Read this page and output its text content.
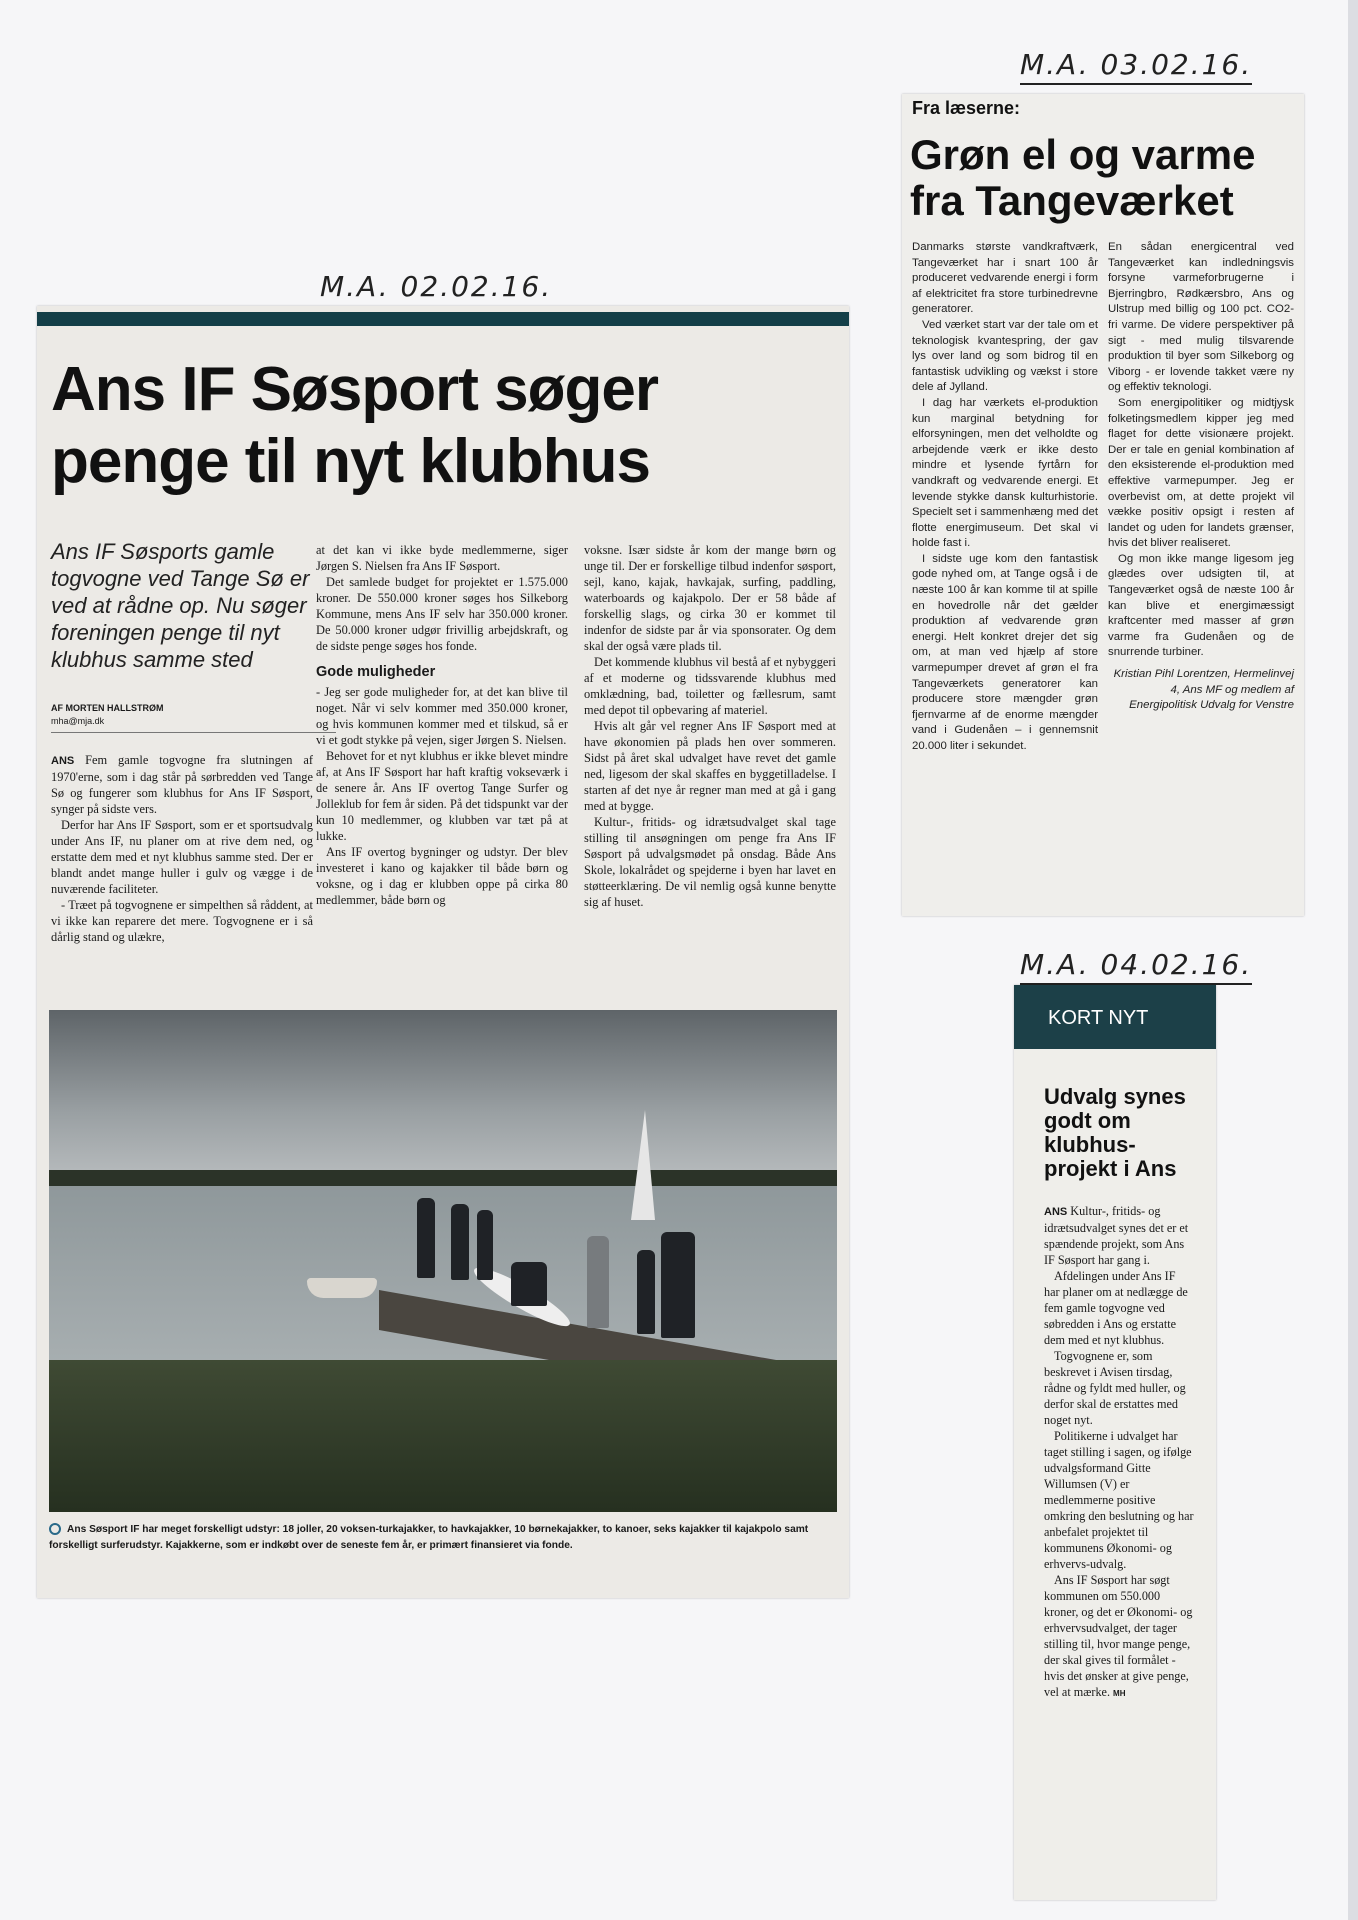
M.A. 03.02.16.
M.A. 02.02.16.
M.A. 04.02.16.
Ans IF Søsport søger penge til nyt klubhus
Ans IF Søsports gamle togvogne ved Tange Sø er ved at rådne op. Nu søger foreningen penge til nyt klubhus samme sted
AF MORTEN HALLSTRØM
mha@mja.dk

ANS Fem gamle togvogne fra slutningen af 1970'erne, som i dag står på sørbredden ved Tange Sø og fungerer som klubhus for Ans IF Søsport, synger på sidste vers.

Derfor har Ans IF Søsport, som er et sportsudvalg under Ans IF, nu planer om at rive dem ned, og erstatte dem med et nyt klubhus samme sted. Der er blandt andet mange huller i gulv og vægge i de nuværende faciliteter.

- Træet på togvognene er simpelthen så råddent, at vi ikke kan reparere det mere. Togvognene er i så dårlig stand og ulækre,

at det kan vi ikke byde medlemmerne, siger Jørgen S. Nielsen fra Ans IF Søsport.

Det samlede budget for projektet er 1.575.000 kroner. De 550.000 kroner søges hos Silkeborg Kommune, mens Ans IF selv har 350.000 kroner. De 50.000 kroner udgør frivillig arbejdskraft, og de sidste penge søges hos fonde.

Gode muligheder

- Jeg ser gode muligheder for, at det kan blive til noget. Når vi selv kommer med 350.000 kroner, og hvis kommunen kommer med et tilskud, så er vi et godt stykke på vejen, siger Jørgen S. Nielsen.

Behovet for et nyt klubhus er ikke blevet mindre af, at Ans IF Søsport har haft kraftig vokseværk i de senere år. Ans IF overtog Tange Surfer og Jolleklub for fem år siden. På det tidspunkt var der kun 10 medlemmer, og klubben var tæt på at lukke.

Ans IF overtog bygninger og udstyr. Der blev investeret i kano og kajakker til både børn og voksne, og i dag er klubben oppe på cirka 80 medlemmer, både børn og

voksne. Især sidste år kom der mange børn og unge til. Der er forskellige tilbud indenfor søsport, sejl, kano, kajak, havkajak, surfing, paddling, waterboards og kajakpolo. Der er 58 både af forskellig slags, og cirka 30 er kommet til indenfor de sidste par år via sponsorater. Og dem skal der også være plads til.

Det kommende klubhus vil bestå af et nybyggeri af et moderne og tidssvarende klubhus med omklædning, bad, toiletter og fællesrum, samt med depot til opbevaring af materiel.

Hvis alt går vel regner Ans IF Søsport med at have økonomien på plads hen over sommeren. Sidst på året skal udvalget have revet det gamle ned, ligesom der skal skaffes en byggetilladelse. I starten af det nye år regner man med at gå i gang med at bygge.

Kultur-, fritids- og idrætsudvalget skal tage stilling til ansøgningen om penge fra Ans IF Søsport på udvalgsmødet på onsdag. Både Ans Skole, lokalrådet og spejderne i byen har lavet en støtteerklæring. De vil nemlig også kunne benytte sig af huset.

Ans Søsport IF har meget forskelligt udstyr: 18 joller, 20 voksen-turkajakker, to havkajakker, 10 børnekajakker, to kanoer, seks kajakker til kajakpolo samt forskelligt surferudstyr. Kajakkerne, som er indkøbt over de seneste fem år, er primært finansieret via fonde.
Fra læserne:
Grøn el og varme fra Tangeværket

Danmarks største vandkraftværk, Tangeværket har i snart 100 år produceret vedvarende energi i form af elektricitet fra store turbinedrevne generatorer.

Ved værket start var der tale om et teknologisk kvantespring, der gav lys over land og som bidrog til en fantastisk udvikling og vækst i store dele af Jylland.

I dag har værkets el-produktion kun marginal betydning for elforsyningen, men det velholdte og arbejdende værk er ikke desto mindre et lysende fyrtårn for vandkraft og vedvarende energi. Et levende stykke dansk kulturhistorie. Specielt set i sammenhæng med det flotte energimuseum. Det skal vi holde fast i.

I sidste uge kom den fantastisk gode nyhed om, at Tange også i de næste 100 år kan komme til at spille en hovedrolle når det gælder produktion af vedvarende grøn energi. Helt konkret drejer det sig om, at man ved hjælp af store varmepumper drevet af grøn el fra Tangeværkets generatorer kan producere store mængder grøn fjernvarme af de enorme mængder vand i Gudenåen – i gennemsnit 20.000 liter i sekundet.

En sådan energicentral ved Tangeværket kan indledningsvis forsyne varmeforbrugerne i Bjerringbro, Rødkærsbro, Ans og Ulstrup med billig og 100 pct. CO2-fri varme. De videre perspektiver på sigt - med mulig tilsvarende produktion til byer som Silkeborg og Viborg - er lovende takket være ny og effektiv teknologi.

Som energipolitiker og midtjysk folketingsmedlem kipper jeg med flaget for dette visionære projekt. Der er tale en genial kombination af den eksisterende el-produktion med effektive varmepumper. Jeg er overbevist om, at dette projekt vil vække positiv opsigt i resten af landet og uden for landets grænser, hvis det bliver realiseret.

Og mon ikke mange ligesom jeg glædes over udsigten til, at Tangeværket også de næste 100 år kan blive et energimæssigt kraftcenter med masser af grøn varme fra Gudenåen og de snurrende turbiner.

Kristian Pihl Lorentzen, Hermelinvej 4, Ans MF og medlem af Energipolitisk Udvalg for Venstre

KORT NYT
Udvalg synes godt om klubhus-projekt i Ans

ANS Kultur-, fritids- og idrætsudvalget synes det er et spændende projekt, som Ans IF Søsport har gang i.

Afdelingen under Ans IF har planer om at nedlægge de fem gamle togvogne ved søbredden i Ans og erstatte dem med et nyt klubhus.

Togvognene er, som beskrevet i Avisen tirsdag, rådne og fyldt med huller, og derfor skal de erstattes med noget nyt.

Politikerne i udvalget har taget stilling i sagen, og ifølge udvalgsformand Gitte Willumsen (V) er medlemmerne positive omkring den beslutning og har anbefalet projektet til kommunens Økonomi- og erhvervs-udvalg.

Ans IF Søsport har søgt kommunen om 550.000 kroner, og det er Økonomi- og erhvervsudvalget, der tager stilling til, hvor mange penge, der skal gives til formålet - hvis det ønsker at give penge, vel at mærke. MH
